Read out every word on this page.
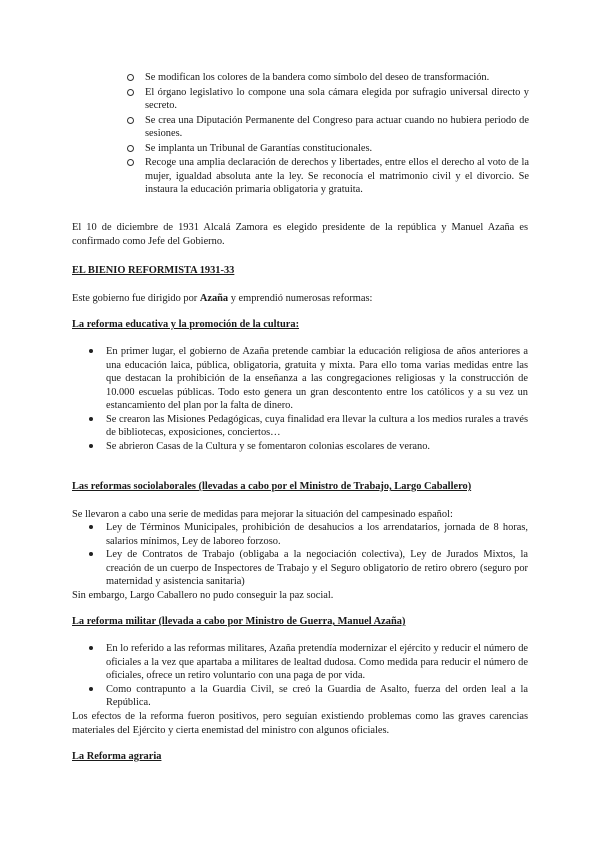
Se modifican los colores de la bandera como símbolo del deseo de transformación.
El órgano legislativo lo compone una sola cámara elegida por sufragio universal directo y secreto.
Se crea una Diputación Permanente del Congreso para actuar cuando no hubiera periodo de sesiones.
Se implanta un Tribunal de Garantías constitucionales.
Recoge una amplia declaración de derechos y libertades, entre ellos el derecho al voto de la mujer, igualdad absoluta ante la ley. Se reconocía el matrimonio civil y el divorcio. Se instaura la educación primaria obligatoria y gratuita.

El 10 de diciembre de 1931 Alcalá Zamora es elegido presidente de la república y Manuel Azaña es confirmado como Jefe del Gobierno.

EL BIENIO REFORMISTA 1931-33

Este gobierno fue dirigido por Azaña y emprendió numerosas reformas:

La reforma educativa y la promoción de la cultura:
En primer lugar, el gobierno de Azaña pretende cambiar la educación religiosa de años anteriores a una educación laica, pública, obligatoria, gratuita y mixta. Para ello toma varias medidas entre las que destacan la prohibición de la enseñanza a las congregaciones religiosas y la construcción de 10.000 escuelas públicas. Todo esto genera un gran descontento entre los católicos y a su vez un estancamiento del plan por la falta de dinero.
Se crearon las Misiones Pedagógicas, cuya finalidad era llevar la cultura a los medios rurales a través de bibliotecas, exposiciones, conciertos…
Se abrieron Casas de la Cultura y se fomentaron colonias escolares de verano.
Las reformas sociolaborales (llevadas a cabo por el Ministro de Trabajo, Largo Caballero)

Se llevaron a cabo una serie de medidas para mejorar la situación del campesinado español:

Ley de Términos Municipales, prohibición de desahucios a los arrendatarios, jornada de 8 horas, salarios mínimos, Ley de laboreo forzoso.
Ley de Contratos de Trabajo (obligaba a la negociación colectiva), Ley de Jurados Mixtos, la creación de un cuerpo de Inspectores de Trabajo y el Seguro obligatorio de retiro obrero (seguro por maternidad y asistencia sanitaria)

Sin embargo, Largo Caballero no pudo conseguir la paz social.

La reforma militar (llevada a cabo por Ministro de Guerra, Manuel Azaña)
En lo referido a las reformas militares, Azaña pretendía modernizar el ejército y reducir el número de oficiales a la vez que apartaba a militares de lealtad dudosa. Como medida para reducir el número de oficiales, ofrece un retiro voluntario con una paga de por vida.
Como contrapunto a la Guardia Civil, se creó la Guardia de Asalto, fuerza del orden leal a la República.

Los efectos de la reforma fueron positivos, pero seguían existiendo problemas como las graves carencias materiales del Ejército y cierta enemistad del ministro con algunos oficiales.

La Reforma agraria
